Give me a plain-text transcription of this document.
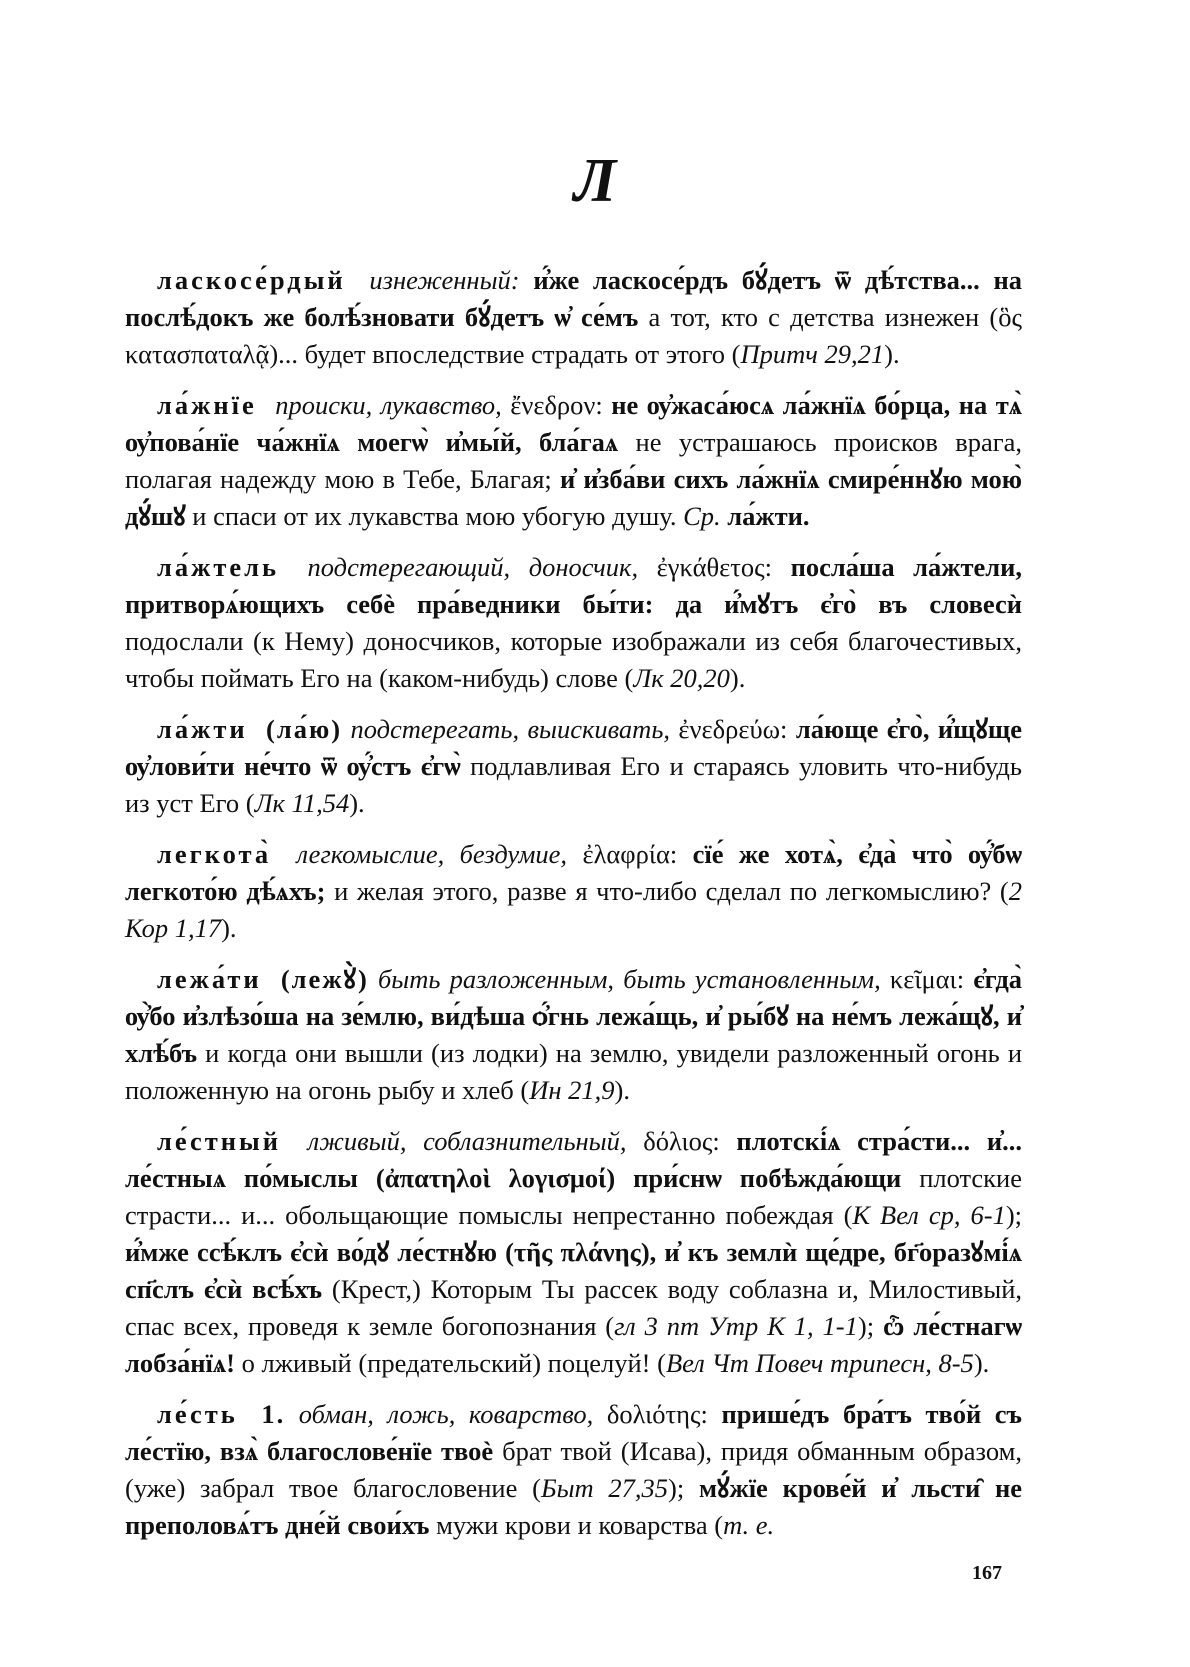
Л

ласкосе́рдый изнеженный: и҆́же ласкосе́рдъ бꙋ́детъ ѿ дѣ́тства... на послѣ́докъ же болѣ́зновати бꙋ́детъ ѡ҆ се́мъ а тот, кто с детства изнежен (ὃς κατασπαταλᾷ)... будет впоследствие страдать от этого (Притч 29,21).

ла́жнїе происки, лукавство, ἔνεδρον: не ѹ҆жаса́юсѧ ла́жнїѧ бо́рца, на тѧ̀ ѹ҆пова́нїе ча́жнїѧ моегѡ̀ и҆мы́й, бла́гаѧ не устрашаюсь происков врага, полагая надежду мою в Тебе, Благая; и҆ и҆зба́ви сихъ ла́жнїѧ смире́ннꙋю мою̀ дꙋ́шꙋ и спаси от их лукавства мою убогую душу. Ср. ла́жти.

ла́жтель подстерегающий, доносчик, ἐγκάθετος: посла́ша ла́жтели, притворѧ́ющихъ себѐ пра́ведники бы́ти: да и҆́мꙋтъ є҆го̀ въ словесѝ подослали (к Нему) доносчиков, которые изображали из себя благочестивых, чтобы поймать Его на (каком-нибудь) слове (Лк 20,20).

ла́жти (ла́ю) подстерегать, выискивать, ἐνεδρεύω: ла́юще є҆го̀, и҆́щꙋще ѹ҆лови́ти не́что ѿ ѹ҆́стъ є҆гѡ̀ подлавливая Его и стараясь уловить что-нибудь из уст Его (Лк 11,54).

легкота̀ легкомыслие, бездумие, ἐλαφρία: сїе́ же хотѧ̀, є҆да̀ что̀ ѹ҆́бѡ легкото́ю дѣ́ѧхъ; и желая этого, разве я что-либо сделал по легкомыслию? (2 Кор 1,17).

лежа́ти (лежꙋ̀) быть разложенным, быть установленным, κεῖμαι: є҆гда̀ ѹ҆̀бо и҆злѣзо́ша на зе́млю, ви́дѣша ѻ҆́гнь лежа́щь, и҆ ры́бꙋ на не́мъ лежа́щꙋ, и҆ хлѣ́бъ и когда они вышли (из лодки) на землю, увидели разложенный огонь и положенную на огонь рыбу и хлеб (Ин 21,9).

ле́стный лживый, соблазнительный, δόλιος: плотскі́ѧ стра́сти... и҆... ле́стныѧ по́мыслы (ἀπατηλοὶ λογισμοί) при́снѡ побѣжда́ющи плотские страсти... и... обольщающие помыслы непрестанно побеждая (К Вел ср, 6-1); и҆́мже ссѣ́клъ є҆сѝ во́дꙋ ле́стнꙋю (τῆς πλάνης), и҆ къ землѝ ще́дре, бг҃орaзꙋмі́ѧ сп҃слъ є҆сѝ всѣ́хъ (Крест,) Которым Ты рассек воду соблазна и, Милостивый, спас всех, проведя к земле богопознания (гл 3 пт Утр К 1, 1-1); ѽ ле́стнагѡ лобза́нїѧ! о лживый (предательский) поцелуй! (Вел Чт Повеч трипесн, 8-5).

ле́сть 1. обман, ложь, коварство, δολιότης: прише́дъ бра́тъ тво́й съ ле́стїю, взѧ̀ благослове́нїе твоѐ брат твой (Исава), придя обманным образом, (уже) забрал твое благословение (Быт 27,35); мꙋ́жїе крове́й и҆ льсти̑ не преполовѧ́тъ дне́й свои́хъ мужи крови и коварства (т. е.

167
